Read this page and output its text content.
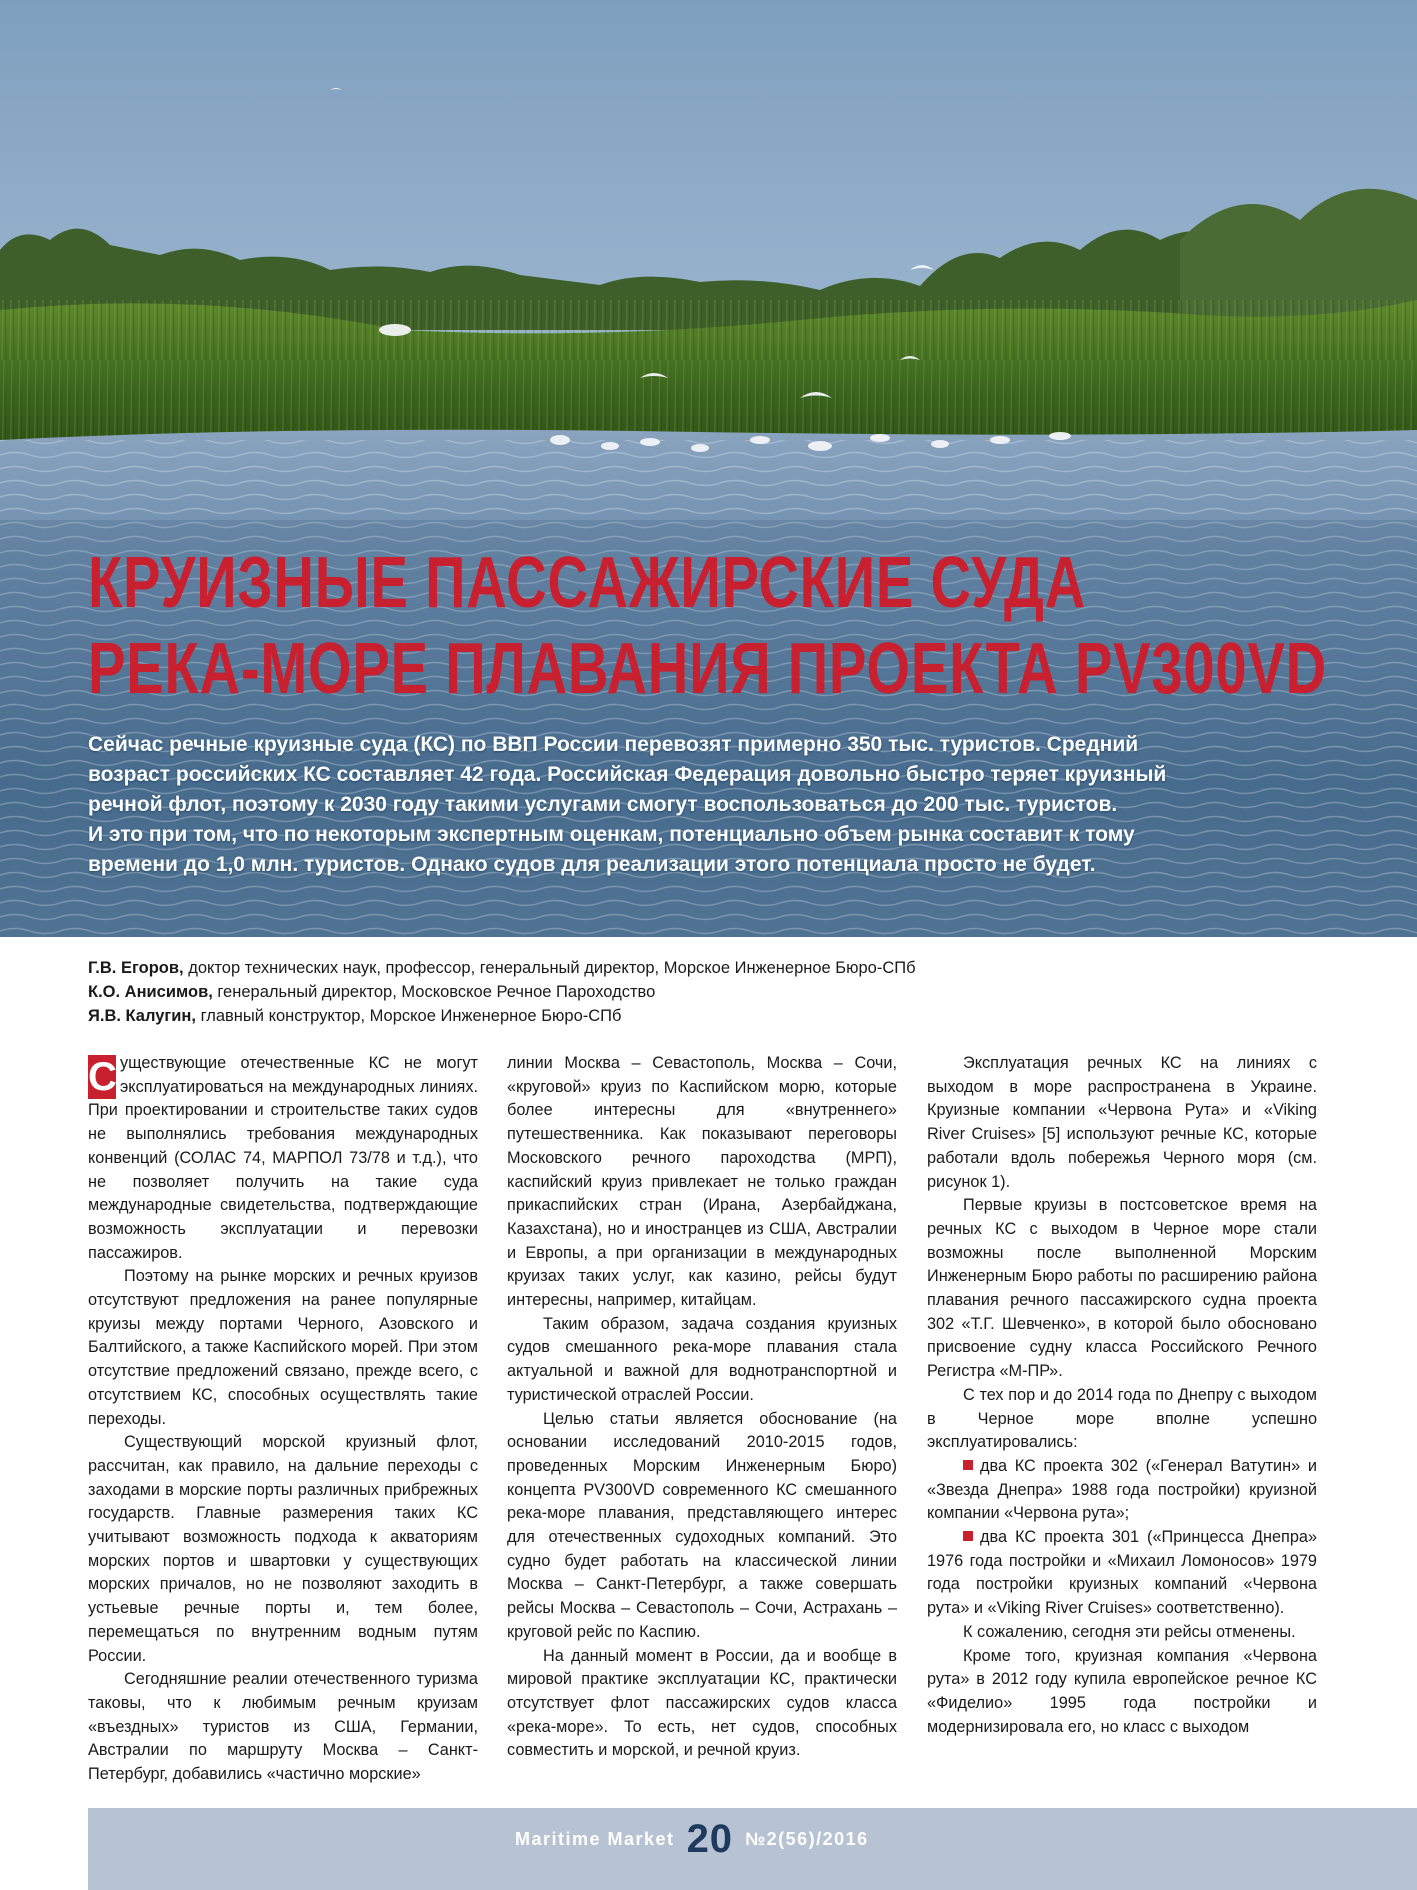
КРУИЗНЫЕ ПАССАЖИРСКИЕ СУДА
РЕКА-МОРЕ ПЛАВАНИЯ ПРОЕКТА PV300VD
Сейчас речные круизные суда (КС) по ВВП России перевозят примерно 350 тыс. туристов. Средний
возраст российских КС составляет 42 года. Российская Федерация довольно быстро теряет круизный
речной флот, поэтому к 2030 году такими услугами смогут воспользоваться до 200 тыс. туристов.
И это при том, что по некоторым экспертным оценкам, потенциально объем рынка составит к тому
времени до 1,0 млн. туристов. Однако судов для реализации этого потенциала просто не будет.
Г.В. Егоров, доктор технических наук, профессор, генеральный директор, Морское Инженерное Бюро-СПб
К.О. Анисимов, генеральный директор, Московское Речное Пароходство
Я.В. Калугин, главный конструктор, Морское Инженерное Бюро-СПб

С уществующие отечественные КС не могут эксплуатироваться на международных линиях. При проектировании и строительстве таких судов не выполнялись требования международных конвенций (СОЛАС 74, МАРПОЛ 73/78 и т.д.), что не позволяет получить на такие суда международные свидетельства, подтверждающие возможность эксплуатации и перевозки пассажиров.

Поэтому на рынке морских и речных круизов отсутствуют предложения на ранее популярные круизы между портами Черного, Азовского и Балтийского, а также Каспийского морей. При этом отсутствие предложений связано, прежде всего, с отсутствием КС, способных осуществлять такие переходы.

Существующий морской круизный флот, рассчитан, как правило, на дальние переходы с заходами в морские порты различных прибрежных государств. Главные размерения таких КС учитывают возможность подхода к акваториям морских портов и швартовки у существующих морских причалов, но не позволяют заходить в устьевые речные порты и, тем более, перемещаться по внутренним водным путям России.

Сегодняшние реалии отечественного туризма таковы, что к любимым речным круизам «въездных» туристов из США, Германии, Австралии по маршруту Москва – Санкт-Петербург, добавились «частично морские»

линии Москва – Севастополь, Москва – Сочи, «круговой» круиз по Каспийском морю, которые более интересны для «внутреннего» путешественника. Как показывают переговоры Московского речного пароходства (МРП), каспийский круиз привлекает не только граждан прикаспийских стран (Ирана, Азербайджана, Казахстана), но и иностранцев из США, Австралии и Европы, а при организации в международных круизах таких услуг, как казино, рейсы будут интересны, например, китайцам.

Таким образом, задача создания круизных судов смешанного река-море плавания стала актуальной и важной для воднотранспортной и туристической отраслей России.

Целью статьи является обоснование (на основании исследований 2010-2015 годов, проведенных Морским Инженерным Бюро) концепта PV300VD современного КС смешанного река-море плавания, представляющего интерес для отечественных судоходных компаний. Это судно будет работать на классической линии Москва – Санкт-Петербург, а также совершать рейсы Москва – Севастополь – Сочи, Астрахань – круговой рейс по Каспию.

На данный момент в России, да и вообще в мировой практике эксплуатации КС, практически отсутствует флот пассажирских судов класса «река-море». То есть, нет судов, способных совместить и морской, и речной круиз.

Эксплуатация речных КС на линиях с выходом в море распространена в Украине. Круизные компании «Червона Рута» и «Viking River Cruises» [5] используют речные КС, которые работали вдоль побережья Черного моря (см. рисунок 1).

Первые круизы в постсоветское время на речных КС с выходом в Черное море стали возможны после выполненной Морским Инженерным Бюро работы по расширению района плавания речного пассажирского судна проекта 302 «Т.Г. Шевченко», в которой было обосновано присвоение судну класса Российского Речного Регистра «М-ПР».

С тех пор и до 2014 года по Днепру с выходом в Черное море вполне успешно эксплуатировались:

два КС проекта 302 («Генерал Ватутин» и «Звезда Днепра» 1988 года постройки) круизной компании «Червона рута»;

два КС проекта 301 («Принцесса Днепра» 1976 года постройки и «Михаил Ломоносов» 1979 года постройки круизных компаний «Червона рута» и «Viking River Cruises» соответственно).

К сожалению, сегодня эти рейсы отменены.

Кроме того, круизная компания «Червона рута» в 2012 году купила европейское речное КС «Фиделио» 1995 года постройки и модернизировала его, но класс с выходом

Maritime Market 20 №2(56)/2016
